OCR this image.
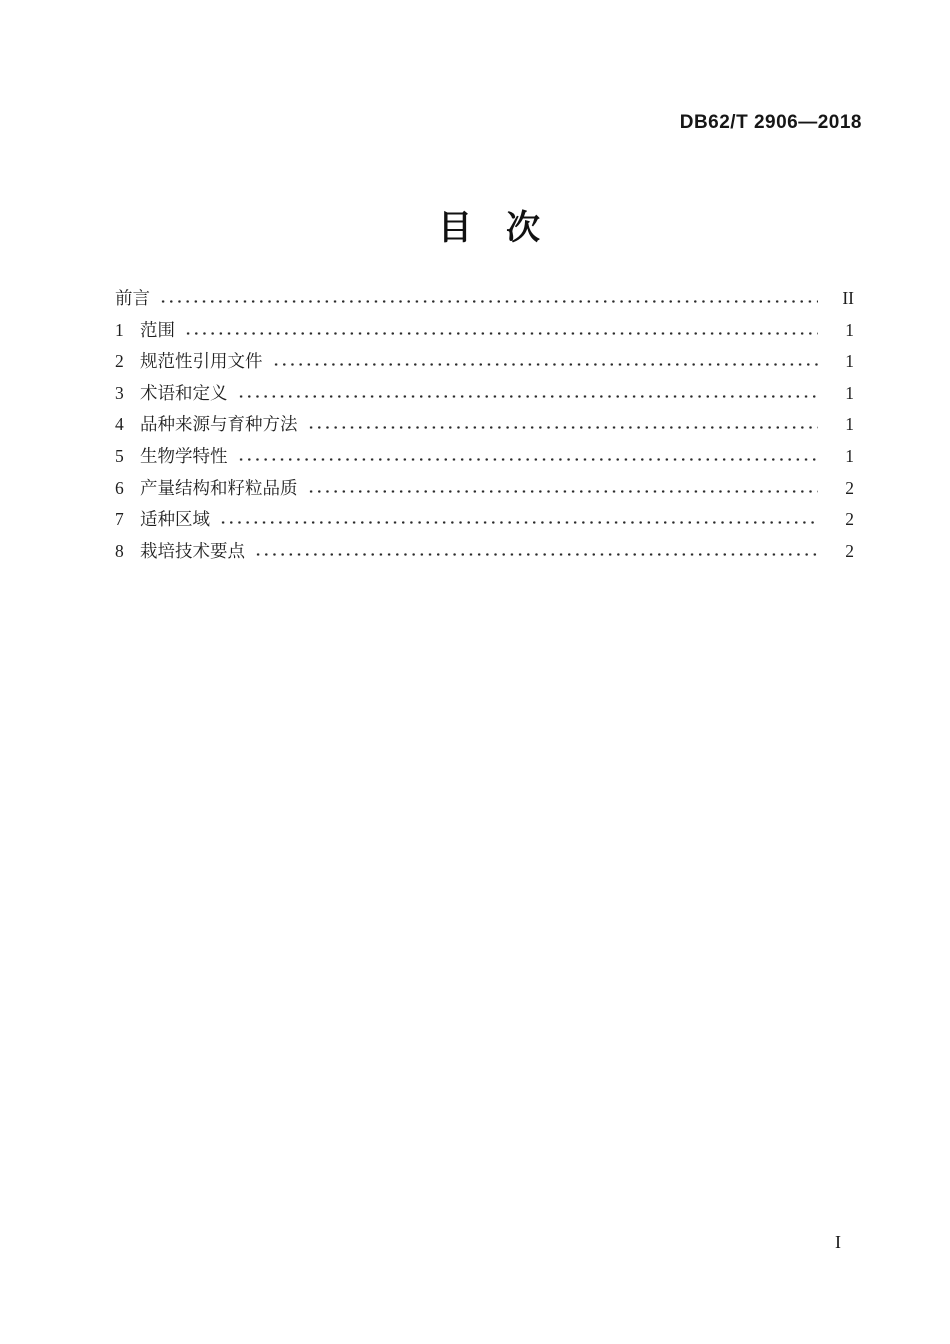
DB62/T 2906—2018
目　次
前言	II
1 范围	1
2 规范性引用文件	1
3 术语和定义	1
4 品种来源与育种方法	1
5 生物学特性	1
6 产量结构和籽粒品质	2
7 适种区域	2
8 栽培技术要点	2
I
